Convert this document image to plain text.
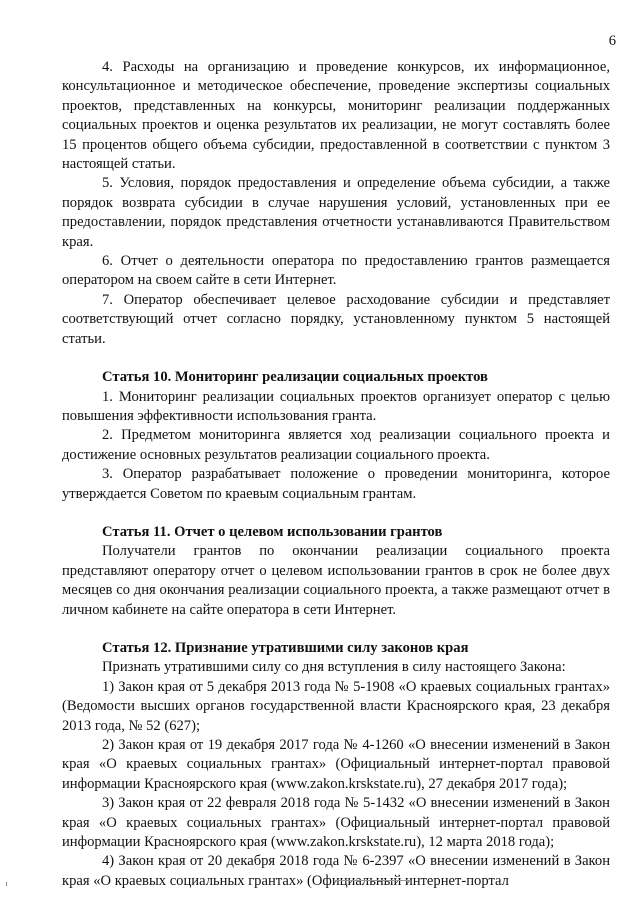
6

4. Расходы на организацию и проведение конкурсов, их информационное, консультационное и методическое обеспечение, проведение экспертизы социальных проектов, представленных на конкурсы, мониторинг реализации поддержанных социальных проектов и оценка результатов их реализации, не могут составлять более 15 процентов общего объема субсидии, предоставленной в соответствии с пунктом 3 настоящей статьи.

5. Условия, порядок предоставления и определение объема субсидии, а также порядок возврата субсидии в случае нарушения условий, установленных при ее предоставлении, порядок представления отчетности устанавливаются Правительством края.

6. Отчет о деятельности оператора по предоставлению грантов размещается оператором на своем сайте в сети Интернет.

7. Оператор обеспечивает целевое расходование субсидии и представляет соответствующий отчет согласно порядку, установленному пунктом 5 настоящей статьи.

Статья 10. Мониторинг реализации социальных проектов

1. Мониторинг реализации социальных проектов организует оператор с целью повышения эффективности использования гранта.

2. Предметом мониторинга является ход реализации социального проекта и достижение основных результатов реализации социального проекта.

3. Оператор разрабатывает положение о проведении мониторинга, которое утверждается Советом по краевым социальным грантам.

Статья 11. Отчет о целевом использовании грантов

Получатели грантов по окончании реализации социального проекта представляют оператору отчет о целевом использовании грантов в срок не более двух месяцев со дня окончания реализации социального проекта, а также размещают отчет в личном кабинете на сайте оператора в сети Интернет.

Статья 12. Признание утратившими силу законов края

Признать утратившими силу со дня вступления в силу настоящего Закона:

1) Закон края от 5 декабря 2013 года № 5-1908 «О краевых социальных грантах» (Ведомости высших органов государственной власти Красноярского края, 23 декабря 2013 года, № 52 (627);

2) Закон края от 19 декабря 2017 года № 4-1260 «О внесении изменений в Закон края «О краевых социальных грантах» (Официальный интернет-портал правовой информации Красноярского края (www.zakon.krskstate.ru), 27 декабря 2017 года);

3) Закон края от 22 февраля 2018 года № 5-1432 «О внесении изменений в Закон края «О краевых социальных грантах» (Официальный интернет-портал правовой информации Красноярского края (www.zakon.krskstate.ru), 12 марта 2018 года);

4) Закон края от 20 декабря 2018 года № 6-2397 «О внесении изменений в Закон края «О краевых социальных грантах» (Официальный интернет-портал
